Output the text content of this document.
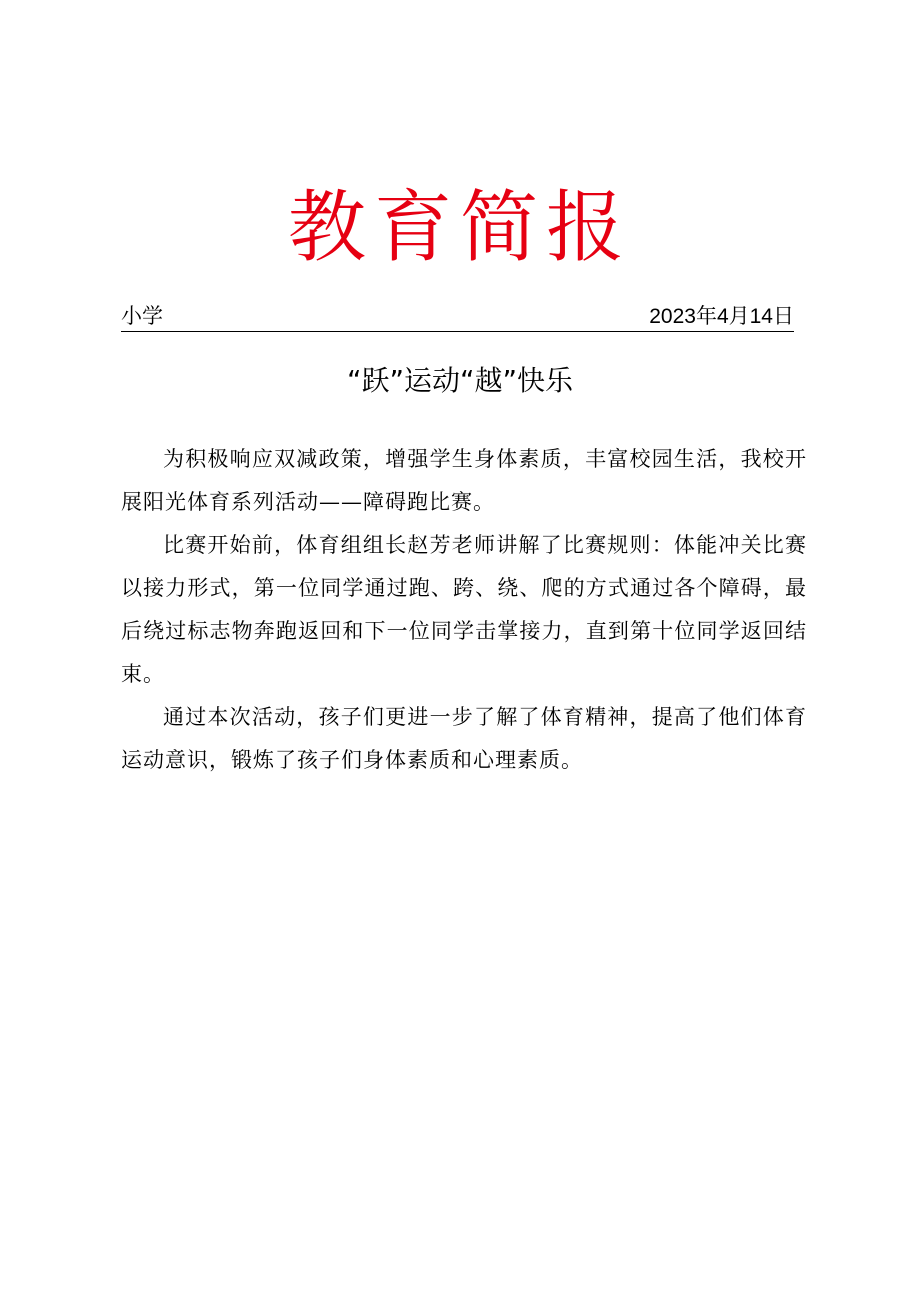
教育简报
小学	2023年4月14日
“跃”运动“越”快乐

为积极响应双减政策，增强学生身体素质，丰富校园生活，我校开展阳光体育系列活动——障碍跑比赛。

比赛开始前，体育组组长赵芳老师讲解了比赛规则：体能冲关比赛以接力形式，第一位同学通过跑、跨、绕、爬的方式通过各个障碍，最后绕过标志物奔跑返回和下一位同学击掌接力，直到第十位同学返回结束。

通过本次活动，孩子们更进一步了解了体育精神，提高了他们体育运动意识，锻炼了孩子们身体素质和心理素质。
